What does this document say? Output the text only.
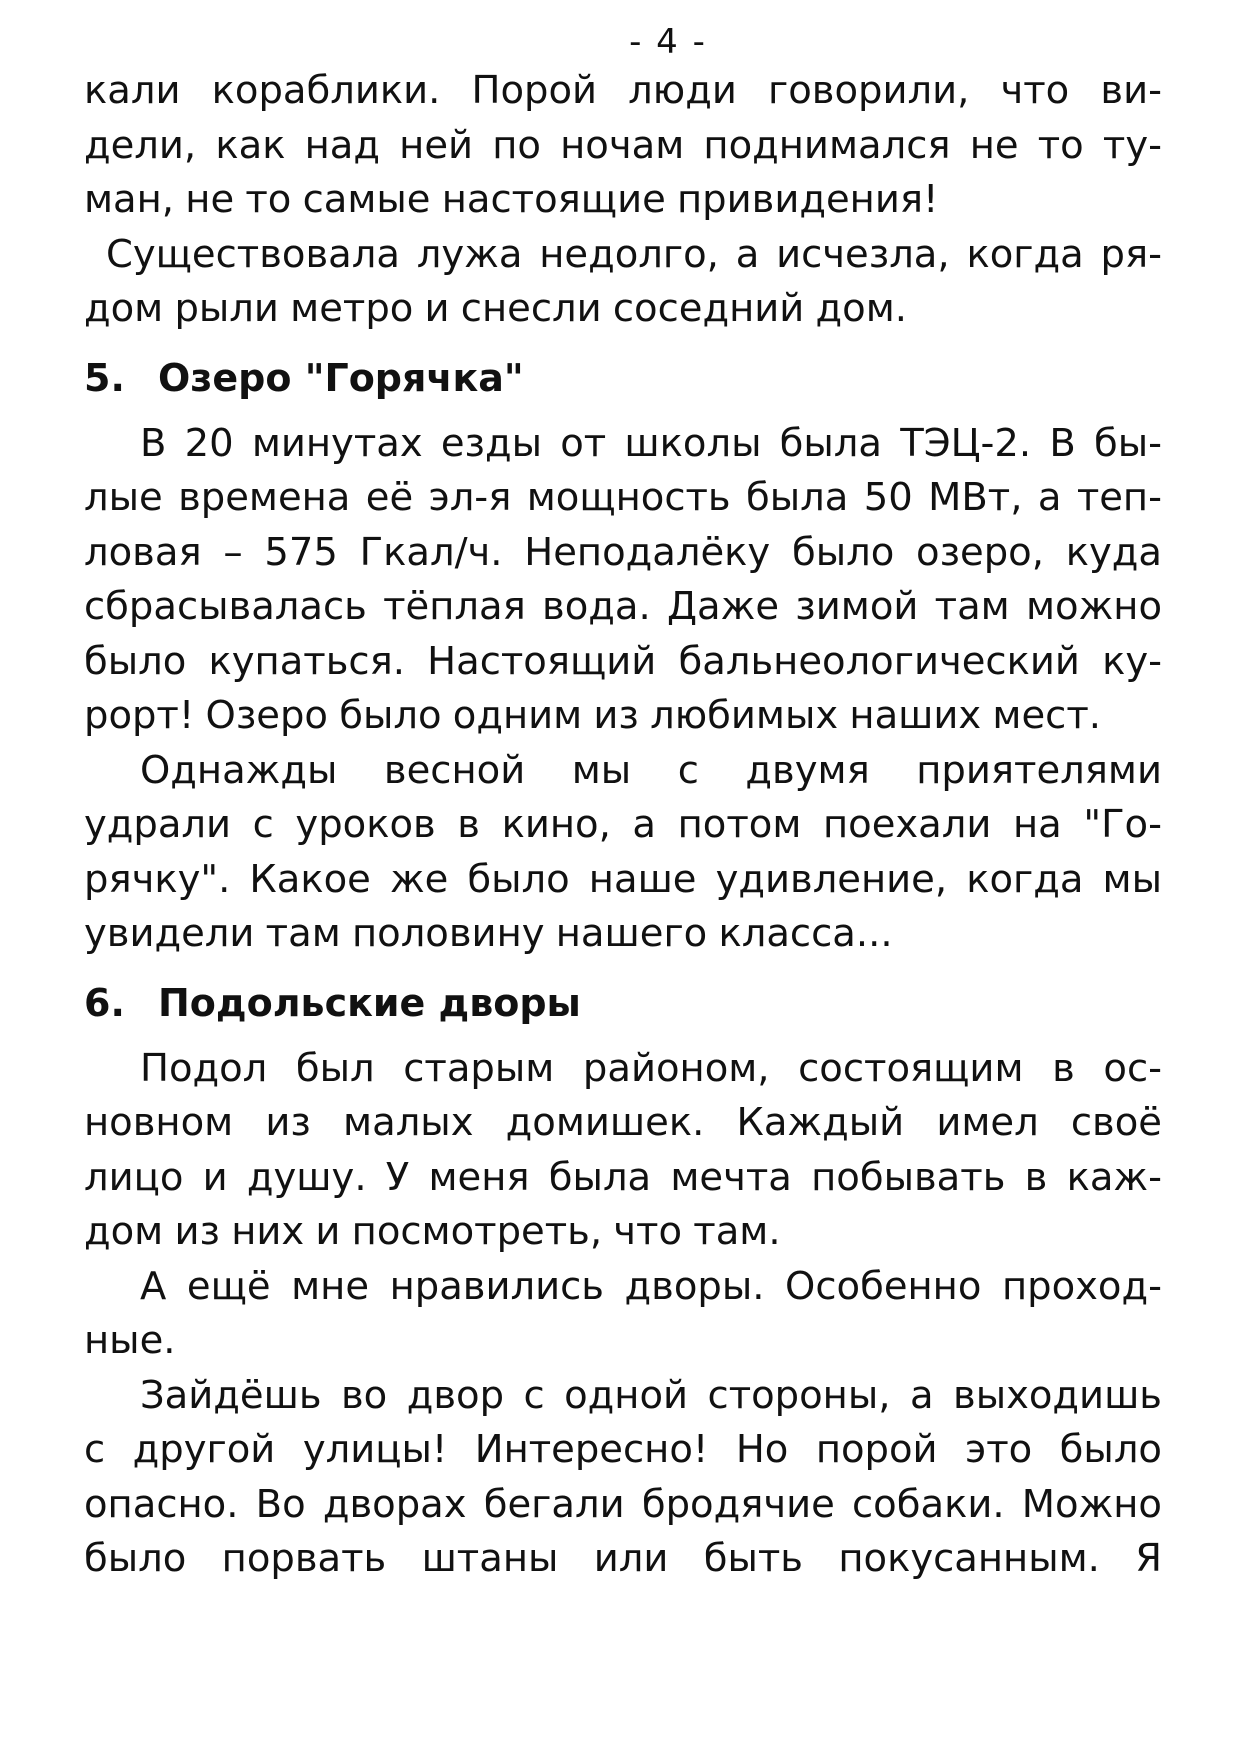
- 4 -
кали кораблики. Порой люди говорили, что ви-
дели, как над ней по ночам поднимался не то ту-
ман, не то самые настоящие привидения!
Существовала лужа недолго, а исчезла, когда ря-
дом рыли метро и снесли соседний дом.
5. Озеро "Горячка"
В 20 минутах езды от школы была ТЭЦ-2. В бы-
лые времена её эл-я мощность была 50 МВт, а теп-
ловая – 575 Гкал/ч. Неподалёку было озеро, куда
сбрасывалась тёплая вода. Даже зимой там можно
было купаться. Настоящий бальнеологический ку-
рорт! Озеро было одним из любимых наших мест.
Однажды весной мы с двумя приятелями
удрали с уроков в кино, а потом поехали на "Го-
рячку". Какое же было наше удивление, когда мы
увидели там половину нашего класса...
6. Подольские дворы
Подол был старым районом, состоящим в ос-
новном из малых домишек. Каждый имел своё
лицо и душу. У меня была мечта побывать в каж-
дом из них и посмотреть, что там.
А ещё мне нравились дворы. Особенно проход-
ные.
Зайдёшь во двор с одной стороны, а выходишь
с другой улицы! Интересно! Но порой это было
опасно. Во дворах бегали бродячие собаки. Можно
было порвать штаны или быть покусанным. Я
